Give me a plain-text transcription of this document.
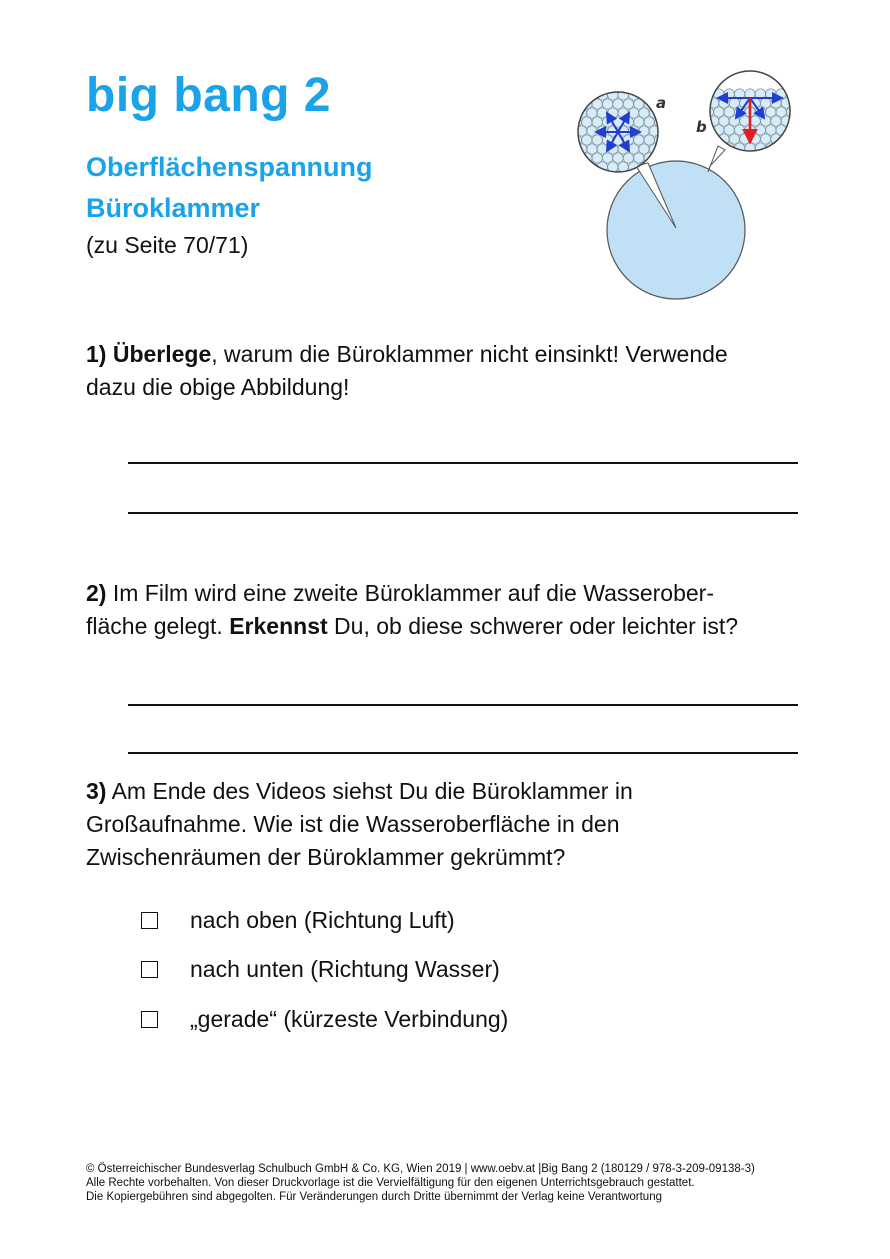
big bang 2
Oberflächenspannung
Büroklammer
(zu Seite 70/71)
a
b
1) Überlege, warum die Büroklammer nicht einsinkt! Verwende
dazu die obige Abbildung!
2) Im Film wird eine zweite Büroklammer auf die Wasserober-
fläche gelegt. Erkennst Du, ob diese schwerer oder leichter ist?
3) Am Ende des Videos siehst Du die Büroklammer in
Großaufnahme. Wie ist die Wasseroberfläche in den
Zwischenräumen der Büroklammer gekrümmt?
nach oben (Richtung Luft)
nach unten (Richtung Wasser)
„gerade“ (kürzeste Verbindung)
© Österreichischer Bundesverlag Schulbuch GmbH & Co. KG, Wien 2019 | www.oebv.at |Big Bang 2 (180129 / 978-3-209-09138-3)
Alle Rechte vorbehalten. Von dieser Druckvorlage ist die Vervielfältigung für den eigenen Unterrichtsgebrauch gestattet.
Die Kopiergebühren sind abgegolten. Für Veränderungen durch Dritte übernimmt der Verlag keine Verantwortung
